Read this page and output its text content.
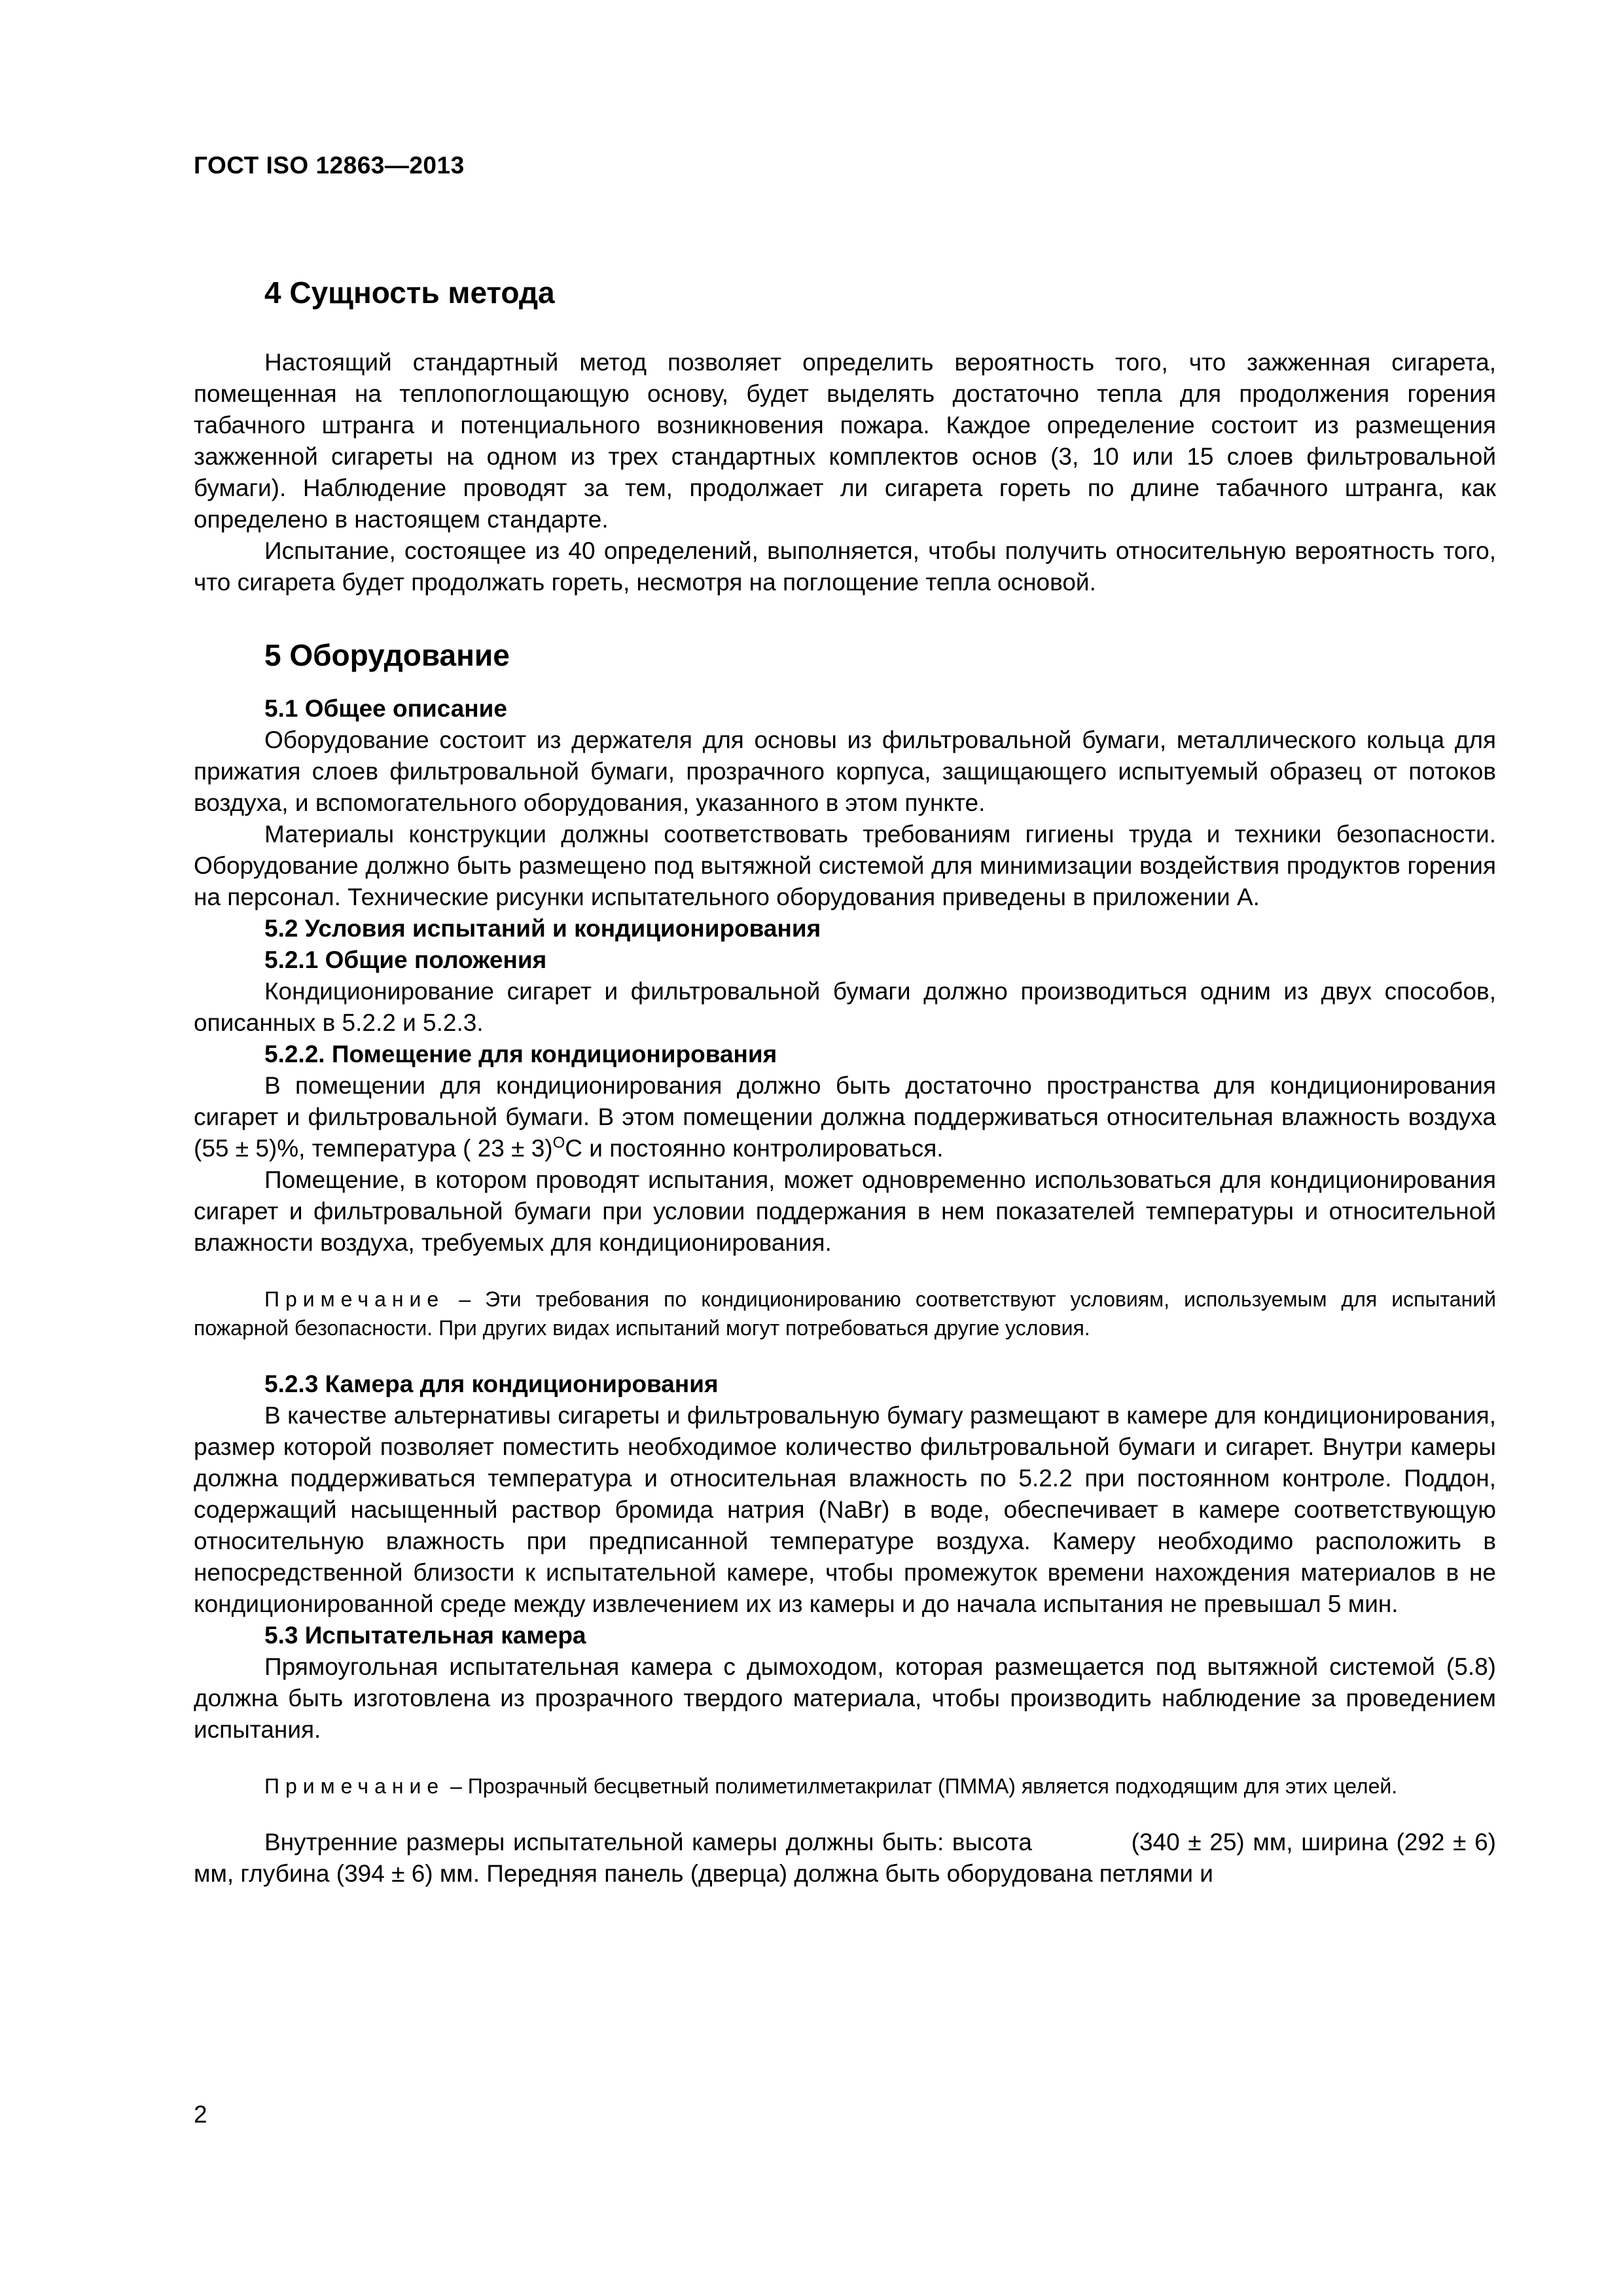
ГОСТ ISO 12863—2013
4 Сущность метода

Настоящий стандартный метод позволяет определить вероятность того, что зажженная сигарета, помещенная на теплопоглощающую основу, будет выделять достаточно тепла для продолжения горения табачного штранга и потенциального возникновения пожара. Каждое определение состоит из размещения зажженной сигареты на одном из трех стандартных комплектов основ (3, 10 или 15 слоев фильтровальной бумаги). Наблюдение проводят за тем, продолжает ли сигарета гореть по длине табачного штранга, как определено в настоящем стандарте.

Испытание, состоящее из 40 определений, выполняется, чтобы получить относительную вероятность того, что сигарета будет продолжать гореть, несмотря на поглощение тепла основой.

5 Оборудование

5.1 Общее описание

Оборудование состоит из держателя для основы из фильтровальной бумаги, металлического кольца для прижатия слоев фильтровальной бумаги, прозрачного корпуса, защищающего испытуемый образец от потоков воздуха, и вспомогательного оборудования, указанного в этом пункте.

Материалы конструкции должны соответствовать требованиям гигиены труда и техники безопасности. Оборудование должно быть размещено под вытяжной системой для минимизации воздействия продуктов горения на персонал. Технические рисунки испытательного оборудования приведены в приложении А.

5.2 Условия испытаний и кондиционирования

5.2.1 Общие положения

Кондиционирование сигарет и фильтровальной бумаги должно производиться одним из двух способов, описанных в 5.2.2 и 5.2.3.

5.2.2. Помещение для кондиционирования

В помещении для кондиционирования должно быть достаточно пространства для кондиционирования сигарет и фильтровальной бумаги. В этом помещении должна поддерживаться относительная влажность воздуха (55 ± 5)%, температура ( 23 ± 3)$^О$С и постоянно контролироваться.

Помещение, в котором проводят испытания, может одновременно использоваться для кондиционирования сигарет и фильтровальной бумаги при условии поддержания в нем показателей температуры и относительной влажности воздуха, требуемых для кондиционирования.

Примечание – Эти требования по кондиционированию соответствуют условиям, используемым для испытаний пожарной безопасности. При других видах испытаний могут потребоваться другие условия.

5.2.3 Камера для кондиционирования

В качестве альтернативы сигареты и фильтровальную бумагу размещают в камере для кондиционирования, размер которой позволяет поместить необходимое количество фильтровальной бумаги и сигарет. Внутри камеры должна поддерживаться температура и относительная влажность по 5.2.2 при постоянном контроле. Поддон, содержащий насыщенный раствор бромида натрия (NaBr) в воде, обеспечивает в камере соответствующую относительную влажность при предписанной температуре воздуха. Камеру необходимо расположить в непосредственной близости к испытательной камере, чтобы промежуток времени нахождения материалов в не кондиционированной среде между извлечением их из камеры и до начала испытания не превышал 5 мин.

5.3 Испытательная камера

Прямоугольная испытательная камера с дымоходом, которая размещается под вытяжной системой (5.8) должна быть изготовлена из прозрачного твердого материала, чтобы производить наблюдение за проведением испытания.

Примечание – Прозрачный бесцветный полиметилметакрилат (ПММА) является подходящим для этих целей.

Внутренние размеры испытательной камеры должны быть: высота            (340 ± 25) мм, ширина (292 ± 6) мм, глубина (394 ± 6) мм. Передняя панель (дверца) должна быть оборудована петлями и

2
